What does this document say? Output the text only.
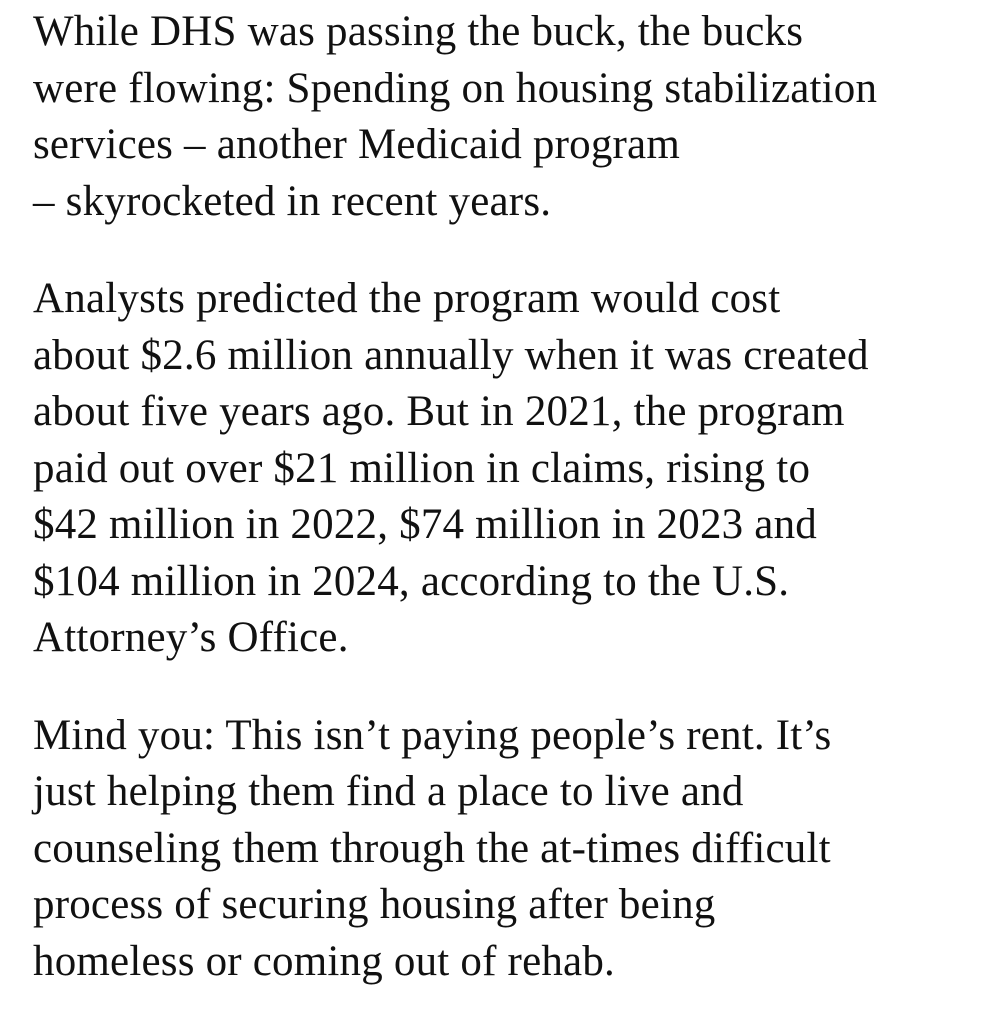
While DHS was passing the buck, the bucks
were flowing: Spending on housing stabilization
services – another Medicaid program
– skyrocketed in recent years.

Analysts predicted the program would cost
about $2.6 million annually when it was created
about five years ago. But in 2021, the program
paid out over $21 million in claims, rising to
$42 million in 2022, $74 million in 2023 and
$104 million in 2024, according to the U.S.
Attorney’s Office.

Mind you: This isn’t paying people’s rent. It’s
just helping them find a place to live and
counseling them through the at-times difficult
process of securing housing after being
homeless or coming out of rehab.
